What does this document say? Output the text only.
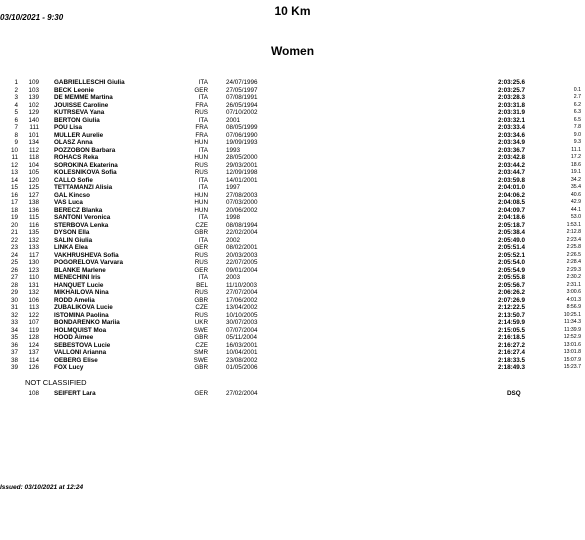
03/10/2021 - 9:30	10 Km
Women
1	109 GABRIELLESCHI Giulia	ITA	24/07/1996	2:03:25.6
2	103 BECK Leonie	GER	27/05/1997	2:03:25.7	0.1
3	139 DE MEMME Martina	ITA	07/08/1991	2:03:28.3	2.7
4	102 JOUISSE Caroline	FRA	26/05/1994	2:03:31.8	6.2
5	129 KUTRSEVA Yana	RUS	07/10/2002	2:03:31.9	6.3
6	140 BERTON Giulia	ITA	2001	2:03:32.1	6.5
7	111 POU Lisa	FRA	08/05/1999	2:03:33.4	7.8
8	101 MULLER Aurelie	FRA	07/06/1990	2:03:34.6	9.0
9	134 OLASZ Anna	HUN	19/09/1993	2:03:34.9	9.3
10	112 POZZOBON Barbara	ITA	1993	2:03:36.7	11.1
11	118 ROHACS Reka	HUN	28/05/2000	2:03:42.8	17.2
12	104 SOROKINA Ekaterina	RUS	29/03/2001	2:03:44.2	18.6
13	105 KOLESNIKOVA Sofia	RUS	12/09/1998	2:03:44.7	19.1
14	120 CALLO Sofie	ITA	14/01/2001	2:03:59.8	34.2
15	125 TETTAMANZI Alisia	ITA	1997	2:04:01.0	35.4
16	127 GAL Kincso	HUN	27/08/2003	2:04:06.2	40.6
17	138 VAS Luca	HUN	07/03/2000	2:04:08.5	42.9
18	136 BERECZ Blanka	HUN	20/06/2002	2:04:09.7	44.1
19	115 SANTONI Veronica	ITA	1998	2:04:18.6	53.0
20	116 STERBOVA Lenka	CZE	08/08/1994	2:05:18.7	1:53.1
21	135 DYSON Ella	GBR	22/02/2004	2:05:38.4	2:12.8
22	132 SALIN Giulia	ITA	2002	2:05:49.0	2:23.4
23	133 LINKA Elea	GER	08/02/2001	2:05:51.4	2:25.8
24	117 VAKHRUSHEVA Sofia	RUS	20/03/2003	2:05:52.1	2:26.5
25	130 POGORELOVA Varvara	RUS	22/07/2005	2:05:54.0	2:28.4
26	123 BLANKE Marlene	GER	09/01/2004	2:05:54.9	2:29.3
27	110 MENECHINI Iris	ITA	2003	2:05:55.8	2:30.2
28	131 HANQUET Lucie	BEL	11/10/2003	2:05:56.7	2:31.1
29	132 MIKHAILOVA Nina	RUS	27/07/2004	2:06:26.2	3:00.6
30	106 RODD Amelia	GBR	17/06/2002	2:07:26.9	4:01.3
31	113 ZUBALIKOVA Lucie	CZE	13/04/2002	2:12:22.5	8:56.9
32	122 ISTOMINA Paolina	RUS	10/10/2005	2:13:50.7	10:25.1
33	107 BONDARENKO Mariia	UKR	30/07/2003	2:14:59.9	11:34.3
34	119 HOLMQUIST Moa	SWE	07/07/2004	2:15:05.5	11:39.9
35	128 HOOD Aimee	GBR	05/11/2004	2:16:18.5	12:52.9
36	124 SEBESTOVA Lucie	CZE	16/03/2001	2:16:27.2	13:01.6
37	137 VALLONI Arianna	SMR	10/04/2001	2:16:27.4	13:01.8
38	114 OEBERG Elise	SWE	23/08/2002	2:18:33.5	15:07.9
39	126 FOX Lucy	GBR	01/05/2006	2:18:49.3	15:23.7
NOT CLASSIFIED
108 SEIFERT Lara	GER	27/02/2004	DSQ
Issued: 03/10/2021 at 12:24
